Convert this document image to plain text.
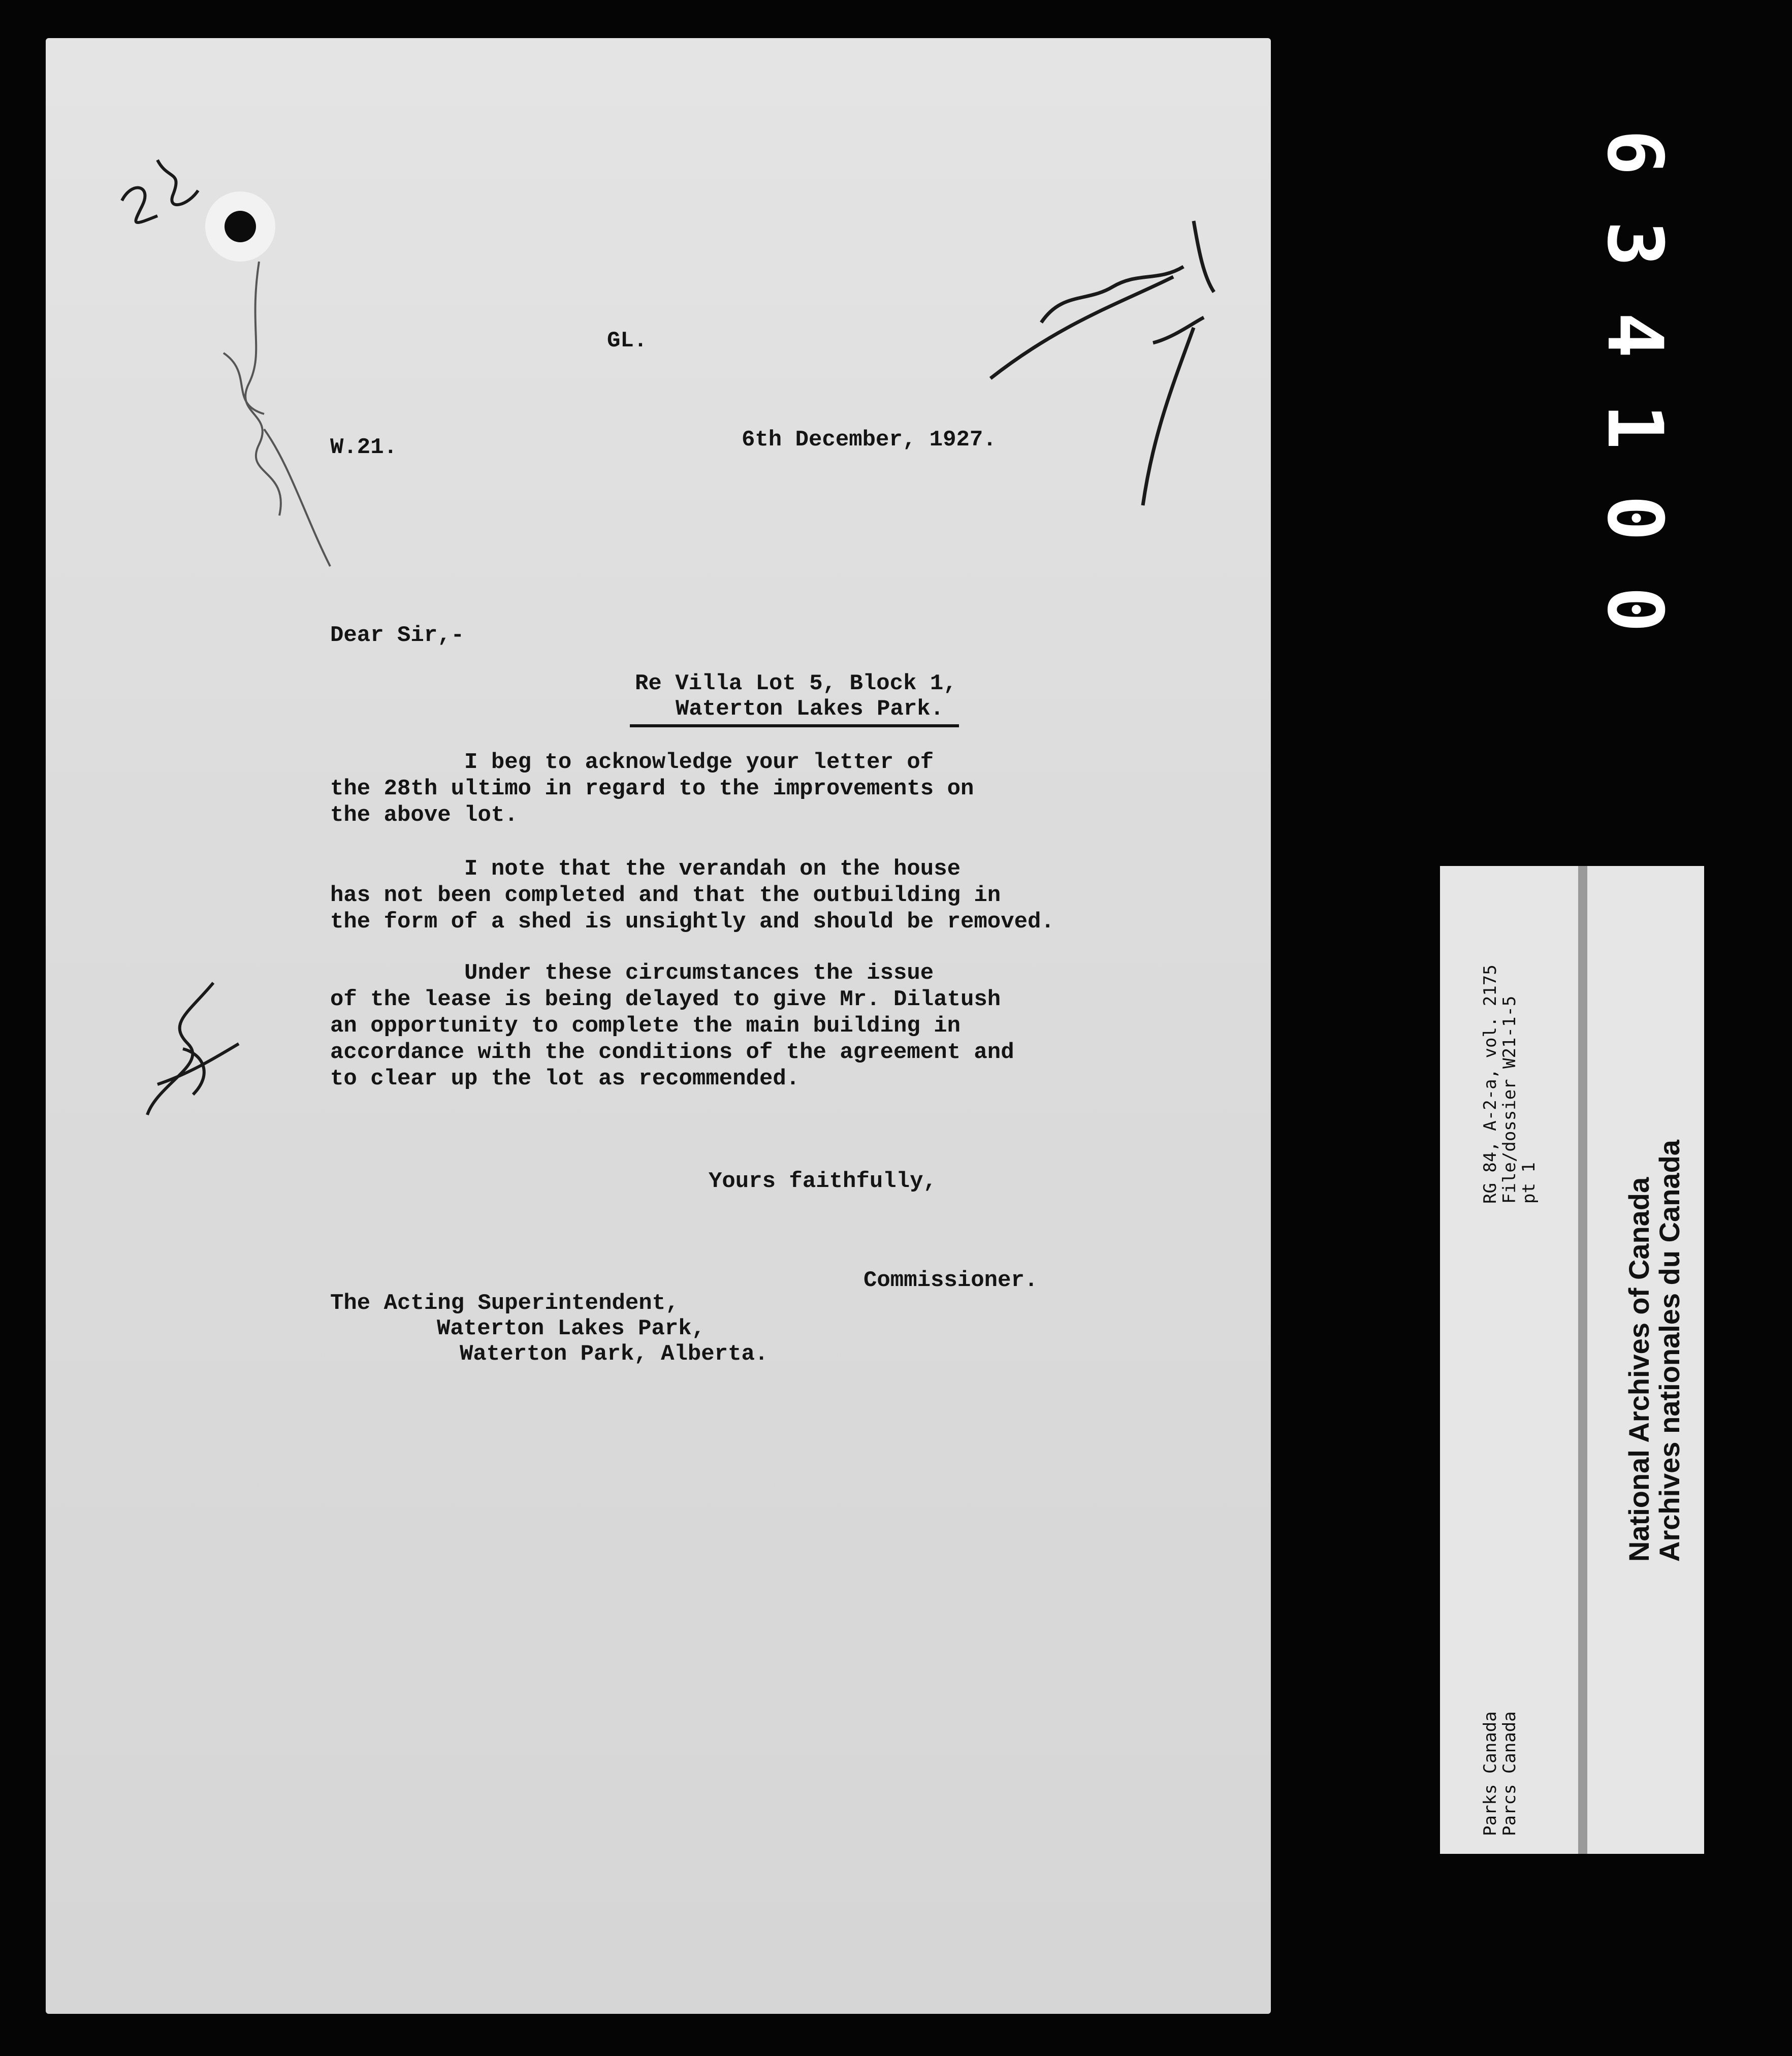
GL.
W.21.	6th December, 1927.
Dear Sir,-
Re Villa Lot 5, Block 1,
Waterton Lakes Park.
I beg to acknowledge your letter of
the 28th ultimo in regard to the improvements on
the above lot.
I note that the verandah on the house
has not been completed and that the outbuilding in
the form of a shed is unsightly and should be removed.
Under these circumstances the issue
of the lease is being delayed to give Mr. Dilatush
an opportunity to complete the main building in
accordance with the conditions of the agreement and
to clear up the lot as recommended.
Yours faithfully,
Commissioner.
The Acting Superintendent,
Waterton Lakes Park,
Waterton Park, Alberta.
6
3
4
1
0
0
RG 84, A-2-a, vol. 2175
File/dossier W21-1-5
pt 1
Parks Canada
Parcs Canada
National Archives of Canada
Archives nationales du Canada
